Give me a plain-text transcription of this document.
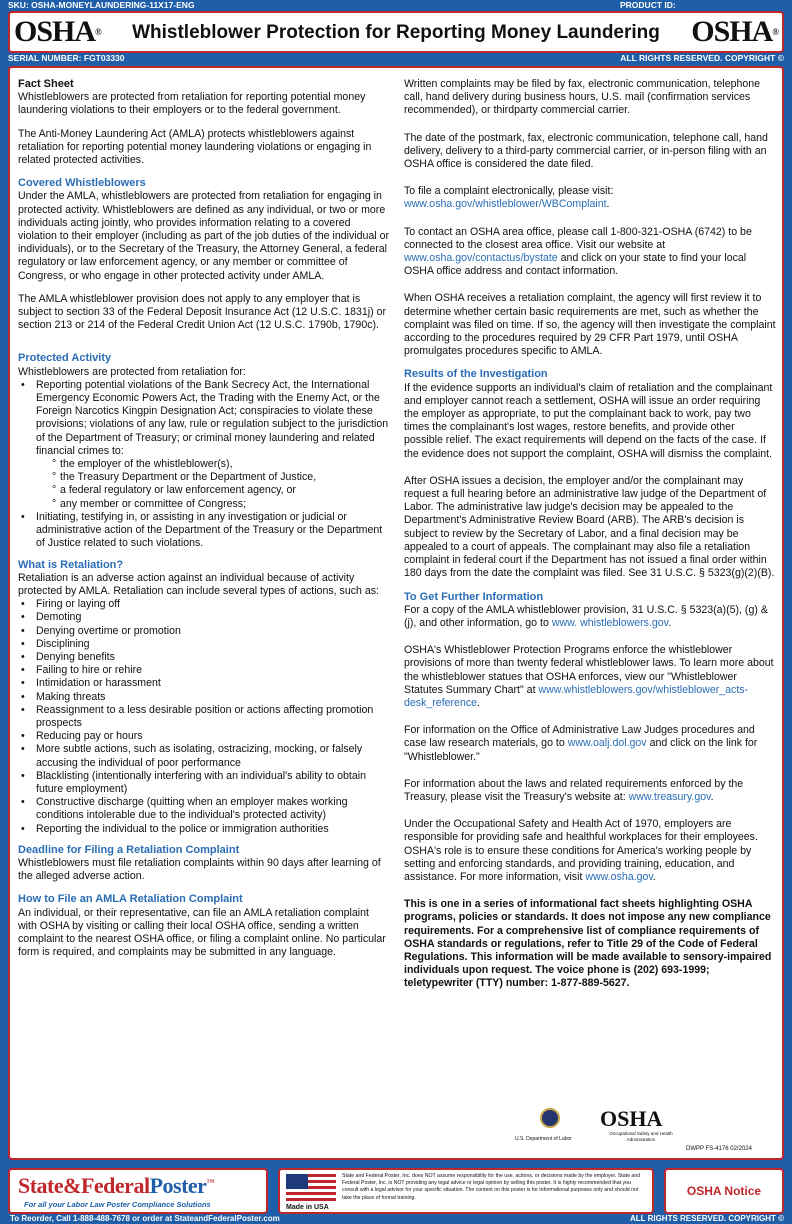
SKU: OSHA-MONEYLAUNDERING-11X17-ENG	PRODUCT ID:
OSHA®	Whistleblower Protection for Reporting Money Laundering	OSHA®
SERIAL NUMBER: FGT03330	ALL RIGHTS RESERVED. COPYRIGHT ©
Fact Sheet

Whistleblowers are protected from retaliation for reporting potential money laundering violations to their employers or to the federal government.

The Anti-Money Laundering Act (AMLA) protects whistleblowers against retaliation for reporting potential money laundering violations or engaging in related protected activities.

Covered Whistleblowers

Under the AMLA, whistleblowers are protected from retaliation for engaging in protected activity. Whistleblowers are defined as any individual, or two or more individuals acting jointly, who provides information relating to a covered violation to their employer (including as part of the job duties of the individual or individuals), or to the Secretary of the Treasury, the Attorney General, a federal regulatory or law enforcement agency, or any member or committee of Congress, or who engage in other protected activity under AMLA.

The AMLA whistleblower provision does not apply to any employer that is subject to section 33 of the Federal Deposit Insurance Act (12 U.S.C. 1831j) or section 213 or 214 of the Federal Credit Union Act (12 U.S.C. 1790b, 1790c).

Protected Activity
Whistleblowers are protected from retaliation for:
• Reporting potential violations of the Bank Secrecy Act, the International Emergency Economic Powers Act, the Trading with the Enemy Act, or the Foreign Narcotics Kingpin Designation Act; conspiracies to violate these provisions; violations of any law, rule or regulation subject to the jurisdiction of the Department of Treasury; or criminal money laundering and related financial crimes to:
° the employer of the whistleblower(s),
° the Treasury Department or the Department of Justice,
° a federal regulatory or law enforcement agency, or
° any member or committee of Congress;
• Initiating, testifying in, or assisting in any investigation or judicial or administrative action of the Department of the Treasury or the Department of Justice related to such violations.
What is Retaliation?
Retaliation is an adverse action against an individual because of activity protected by AMLA. Retaliation can include several types of actions, such as:
• Firing or laying off
• Demoting
• Denying overtime or promotion
• Disciplining
• Denying benefits
• Failing to hire or rehire
• Intimidation or harassment
• Making threats
• Reassignment to a less desirable position or actions affecting promotion prospects
• Reducing pay or hours
• More subtle actions, such as isolating, ostracizing, mocking, or falsely accusing the individual of poor performance
• Blacklisting (intentionally interfering with an individual's ability to obtain future employment)
• Constructive discharge (quitting when an employer makes working conditions intolerable due to the individual's protected activity)
• Reporting the individual to the police or immigration authorities
Deadline for Filing a Retaliation Complaint

Whistleblowers must file retaliation complaints within 90 days after learning of the alleged adverse action.

How to File an AMLA Retaliation Complaint

An individual, or their representative, can file an AMLA retaliation complaint with OSHA by visiting or calling their local OSHA office, sending a written complaint to the nearest OSHA office, or filing a complaint online. No particular form is required, and complaints may be submitted in any language.

Written complaints may be filed by fax, electronic communication, telephone call, hand delivery during business hours, U.S. mail (confirmation services recommended), or thirdparty commercial carrier.

The date of the postmark, fax, electronic communication, telephone call, hand delivery, delivery to a third-party commercial carrier, or in-person filing with an OSHA office is considered the date filed.

To file a complaint electronically, please visit:
www.osha.gov/whistleblower/WBComplaint.

To contact an OSHA area office, please call 1-800-321-OSHA (6742) to be connected to the closest area office. Visit our website at www.osha.gov/contactus/bystate and click on your state to find your local OSHA office address and contact information.

When OSHA receives a retaliation complaint, the agency will first review it to determine whether certain basic requirements are met, such as whether the complaint was filed on time. If so, the agency will then investigate the complaint according to the procedures required by 29 CFR Part 1979, until OSHA promulgates procedures specific to AMLA.

Results of the Investigation

If the evidence supports an individual's claim of retaliation and the complainant and employer cannot reach a settlement, OSHA will issue an order requiring the employer as appropriate, to put the complainant back to work, pay two times the complainant's lost wages, restore benefits, and provide other possible relief. The exact requirements will depend on the facts of the case. If the evidence does not support the complaint, OSHA will dismiss the complaint.

After OSHA issues a decision, the employer and/or the complainant may request a full hearing before an administrative law judge of the Department of Labor. The administrative law judge's decision may be appealed to the Department's Administrative Review Board (ARB). The ARB's decision is subject to review by the Secretary of Labor, and a final decision may be appealed to a court of appeals. The complainant may also file a retaliation complaint in federal court if the Department has not issued a final order within 180 days from the date the complaint was filed. See 31 U.S.C. § 5323(g)(2)(B).

To Get Further Information

For a copy of the AMLA whistleblower provision, 31 U.S.C. § 5323(a)(5), (g) & (j), and other information, go to www. whistleblowers.gov.

OSHA's Whistleblower Protection Programs enforce the whistleblower provisions of more than twenty federal whistleblower laws. To learn more about the whistleblower statues that OSHA enforces, view our "Whistleblower Statutes Summary Chart" at www.whistleblowers.gov/whistleblower_acts-desk_reference.

For information on the Office of Administrative Law Judges procedures and case law research materials, go to www.oalj.dol.gov and click on the link for "Whistleblower."

For information about the laws and related requirements enforced by the Treasury, please visit the Treasury's website at: www.treasury.gov.

Under the Occupational Safety and Health Act of 1970, employers are responsible for providing safe and healthful workplaces for their employees. OSHA's role is to ensure these conditions for America's working people by setting and enforcing standards, and providing training, education, and assistance. For more information, visit www.osha.gov.

This is one in a series of informational fact sheets highlighting OSHA programs, policies or standards. It does not impose any new compliance requirements. For a comprehensive list of compliance requirements of OSHA standards or regulations, refer to Title 29 of the Code of Federal Regulations. This information will be made available to sensory-impaired individuals upon request. The voice phone is (202) 693-1999; teletypewriter (TTY) number: 1-877-889-5627.

U.S. Department of Labor
OSHA
Occupational Safety and Health Administration
DWPP FS-4176 02/2024
State&FederalPoster™
For all your Labor Law Poster Compliance Solutions	Made in USA
State and Federal Poster, Inc. does NOT assume responsibility for the use, actions, or decisions made by the employer. State and Federal Poster, Inc. is NOT providing any legal advice or legal opinion by selling this poster. It is highly recommended that you consult with a legal advisor for your specific situation. The content on this poster is for informational purposes only and should not take the place of formal training.	OSHA Notice
To Reorder, Call 1-888-488-7678 or order at StateandFederalPoster.com	ALL RIGHTS RESERVED. COPYRIGHT ©
